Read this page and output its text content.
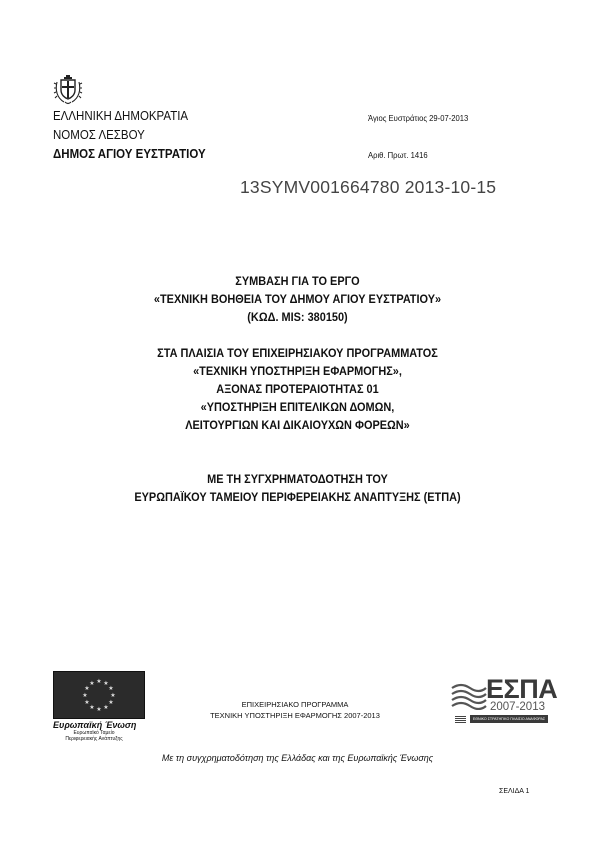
ΕΛΛΗΝΙΚΗ ΔΗΜΟΚΡΑΤΙΑ
ΝΟΜΟΣ ΛΕΣΒΟΥ
ΔΗΜΟΣ ΑΓΙΟΥ ΕΥΣΤΡΑΤΙΟΥ
Άγιος Ευστράτιος 29-07-2013
Αριθ. Πρωτ. 1416
13SYMV001664780 2013-10-15
ΣΥΜΒΑΣΗ ΓΙΑ ΤΟ ΕΡΓΟ
«ΤΕΧΝΙΚΗ ΒΟΗΘΕΙΑ ΤΟΥ ΔΗΜΟΥ ΑΓΙΟΥ ΕΥΣΤΡΑΤΙΟΥ»
(ΚΩΔ. MIS: 380150)
ΣΤΑ ΠΛΑΙΣΙΑ ΤΟΥ ΕΠΙΧΕΙΡΗΣΙΑΚΟΥ ΠΡΟΓΡΑΜΜΑΤΟΣ
«ΤΕΧΝΙΚΗ ΥΠΟΣΤΗΡΙΞΗ ΕΦΑΡΜΟΓΗΣ»,
ΑΞΟΝΑΣ ΠΡΟΤΕΡΑΙΟΤΗΤΑΣ 01
«ΥΠΟΣΤΗΡΙΞΗ ΕΠΙΤΕΛΙΚΩΝ ΔΟΜΩΝ,
ΛΕΙΤΟΥΡΓΙΩΝ ΚΑΙ ΔΙΚΑΙΟΥΧΩΝ ΦΟΡΕΩΝ»
ΜΕ ΤΗ ΣΥΓΧΡΗΜΑΤΟΔΟΤΗΣΗ ΤΟΥ
ΕΥΡΩΠΑΪΚΟΥ ΤΑΜΕΙΟΥ ΠΕΡΙΦΕΡΕΙΑΚΗΣ ΑΝΑΠΤΥΞΗΣ (ΕΤΠΑ)
★ ★
★
★
★
★
★
★
★
★
★
★
Ευρωπαϊκή Ένωση
Ευρωπαϊκό Ταμείο
Περιφερειακής Ανάπτυξης
ΕΠΙΧΕΙΡΗΣΙΑΚΟ ΠΡΟΓΡΑΜΜΑ
ΤΕΧΝΙΚΗ ΥΠΟΣΤΗΡΙΞΗ ΕΦΑΡΜΟΓΗΣ 2007-2013
ΕΣΠΑ
2007-2013
ΕΘΝΙΚΟ ΣΤΡΑΤΗΓΙΚΟ ΠΛΑΙΣΙΟ ΑΝΑΦΟΡΑΣ
Με τη συγχρηματοδότηση της Ελλάδας και της Ευρωπαϊκής Ένωσης
ΣΕΛΙΔΑ 1
